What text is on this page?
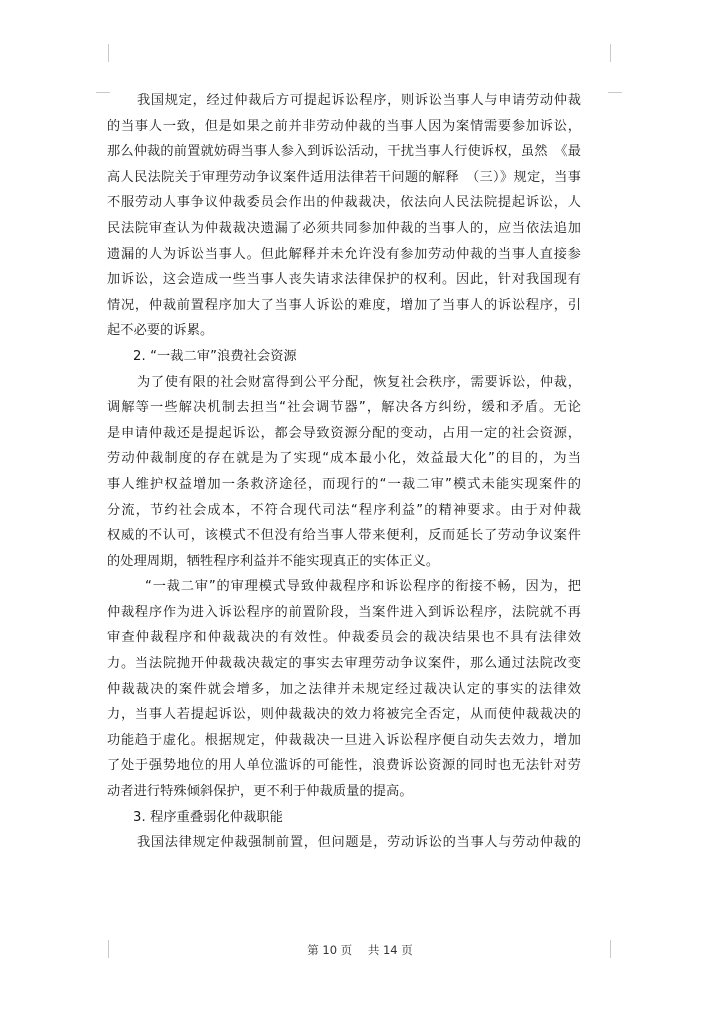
我国规定，经过仲裁后方可提起诉讼程序，则诉讼当事人与申请劳动仲裁
的当事人一致，但是如果之前并非劳动仲裁的当事人因为案情需要参加诉讼，
那么仲裁的前置就妨碍当事人参入到诉讼活动，干扰当事人行使诉权，虽然　《最
高人民法院关于审理劳动争议案件适用法律若干问题的解释　（三）》规定，当事
不服劳动人事争议仲裁委员会作出的仲裁裁决，依法向人民法院提起诉讼，人
民法院审查认为仲裁裁决遗漏了必须共同参加仲裁的当事人的，应当依法追加
遗漏的人为诉讼当事人。但此解释并未允许没有参加劳动仲裁的当事人直接参
加诉讼，这会造成一些当事人丧失请求法律保护的权利。因此，针对我国现有
情况，仲裁前置程序加大了当事人诉讼的难度，增加了当事人的诉讼程序，引
起不必要的诉累。
2. “一裁二审”浪费社会资源
为了使有限的社会财富得到公平分配，恢复社会秩序，需要诉讼，仲裁，
调解等一些解决机制去担当“社会调节器”，解决各方纠纷，缓和矛盾。无论
是申请仲裁还是提起诉讼，都会导致资源分配的变动，占用一定的社会资源，
劳动仲裁制度的存在就是为了实现“成本最小化，效益最大化”的目的，为当
事人维护权益增加一条救济途径，而现行的“一裁二审”模式未能实现案件的
分流，节约社会成本，不符合现代司法“程序利益”的精神要求。由于对仲裁
权威的不认可，该模式不但没有给当事人带来便利，反而延长了劳动争议案件
的处理周期，牺牲程序利益并不能实现真正的实体正义。
“一裁二审”的审理模式导致仲裁程序和诉讼程序的衔接不畅，因为，把
仲裁程序作为进入诉讼程序的前置阶段，当案件进入到诉讼程序，法院就不再
审查仲裁程序和仲裁裁决的有效性。仲裁委员会的裁决结果也不具有法律效
力。当法院抛开仲裁裁决裁定的事实去审理劳动争议案件，那么通过法院改变
仲裁裁决的案件就会增多，加之法律并未规定经过裁决认定的事实的法律效
力，当事人若提起诉讼，则仲裁裁决的效力将被完全否定，从而使仲裁裁决的
功能趋于虚化。根据规定，仲裁裁决一旦进入诉讼程序便自动失去效力，增加
了处于强势地位的用人单位滥诉的可能性，浪费诉讼资源的同时也无法针对劳
动者进行特殊倾斜保护，更不利于仲裁质量的提高。
3. 程序重叠弱化仲裁职能
我国法律规定仲裁强制前置，但问题是，劳动诉讼的当事人与劳动仲裁的
第 10 页 共 14 页
